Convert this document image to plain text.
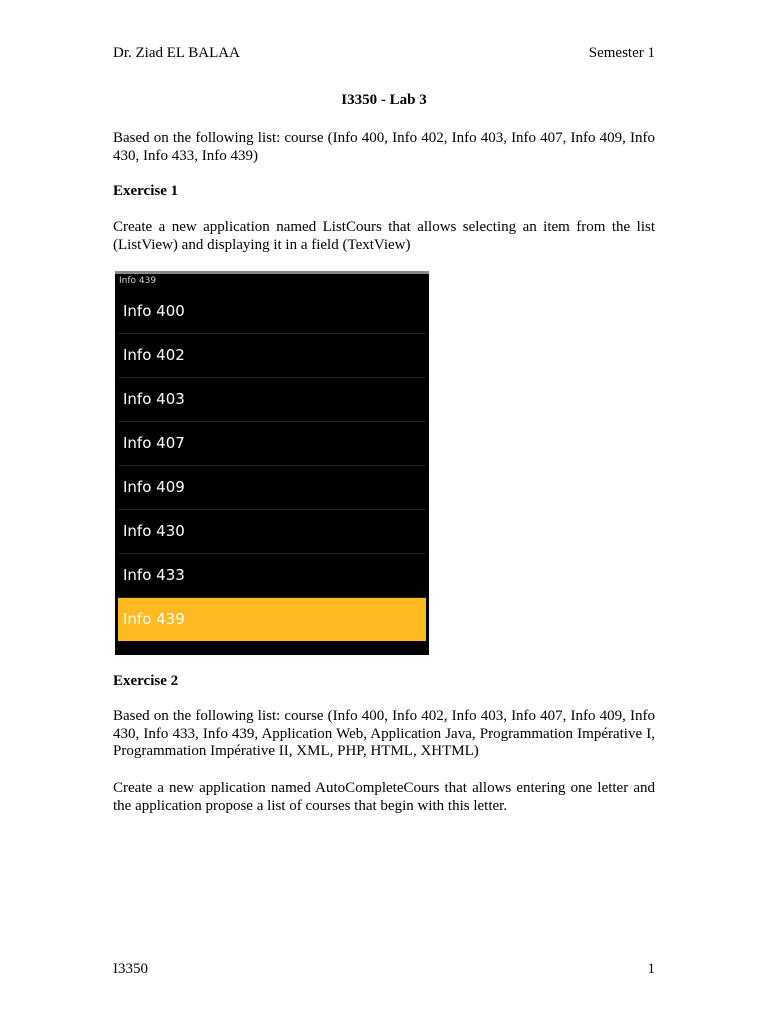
Dr. Ziad EL BALAA	Semester 1
I3350 - Lab 3
Based on the following list: course (Info 400, Info 402, Info 403, Info 407, Info 409, Info 430, Info 433, Info 439)
Exercise 1
Create a new application named ListCours that allows selecting an item from the list (ListView) and displaying it in a field (TextView)
Info 439
Info 400
Info 402
Info 403
Info 407
Info 409
Info 430
Info 433
Info 439
Exercise 2
Based on the following list: course (Info 400, Info 402, Info 403, Info 407, Info 409, Info 430, Info 433, Info 439, Application Web, Application Java, Programmation Impérative I, Programmation Impérative II, XML, PHP, HTML, XHTML)
Create a new application named AutoCompleteCours that allows entering one letter and the application propose a list of courses that begin with this letter.
I3350	1
